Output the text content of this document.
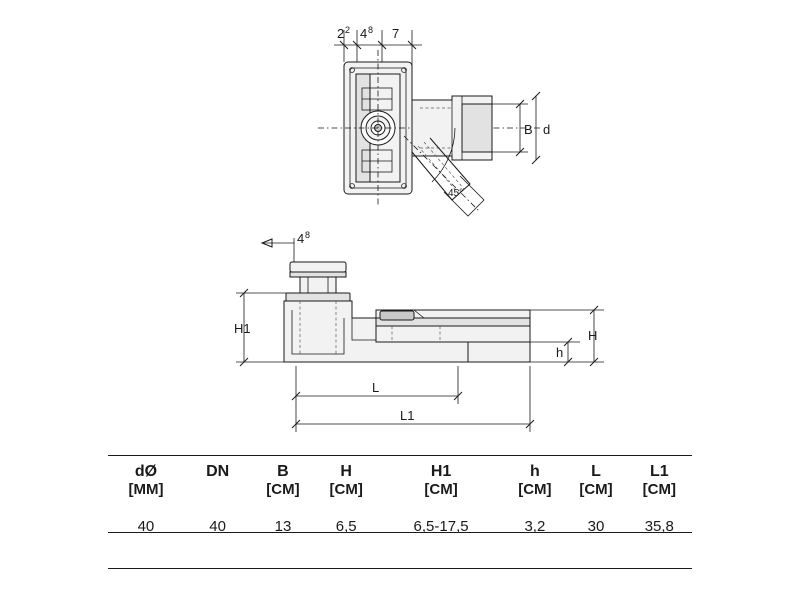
2 2 4 8 7
45°
B d
4 8
H1	H
h
L
L1
dØ	DN	B	H	H1	h	L	L1
[MM]		[CM]	[CM]	[CM]	[CM]	[CM]	[CM]
40	40	13	6,5	6,5-17,5	3,2	30	35,8
